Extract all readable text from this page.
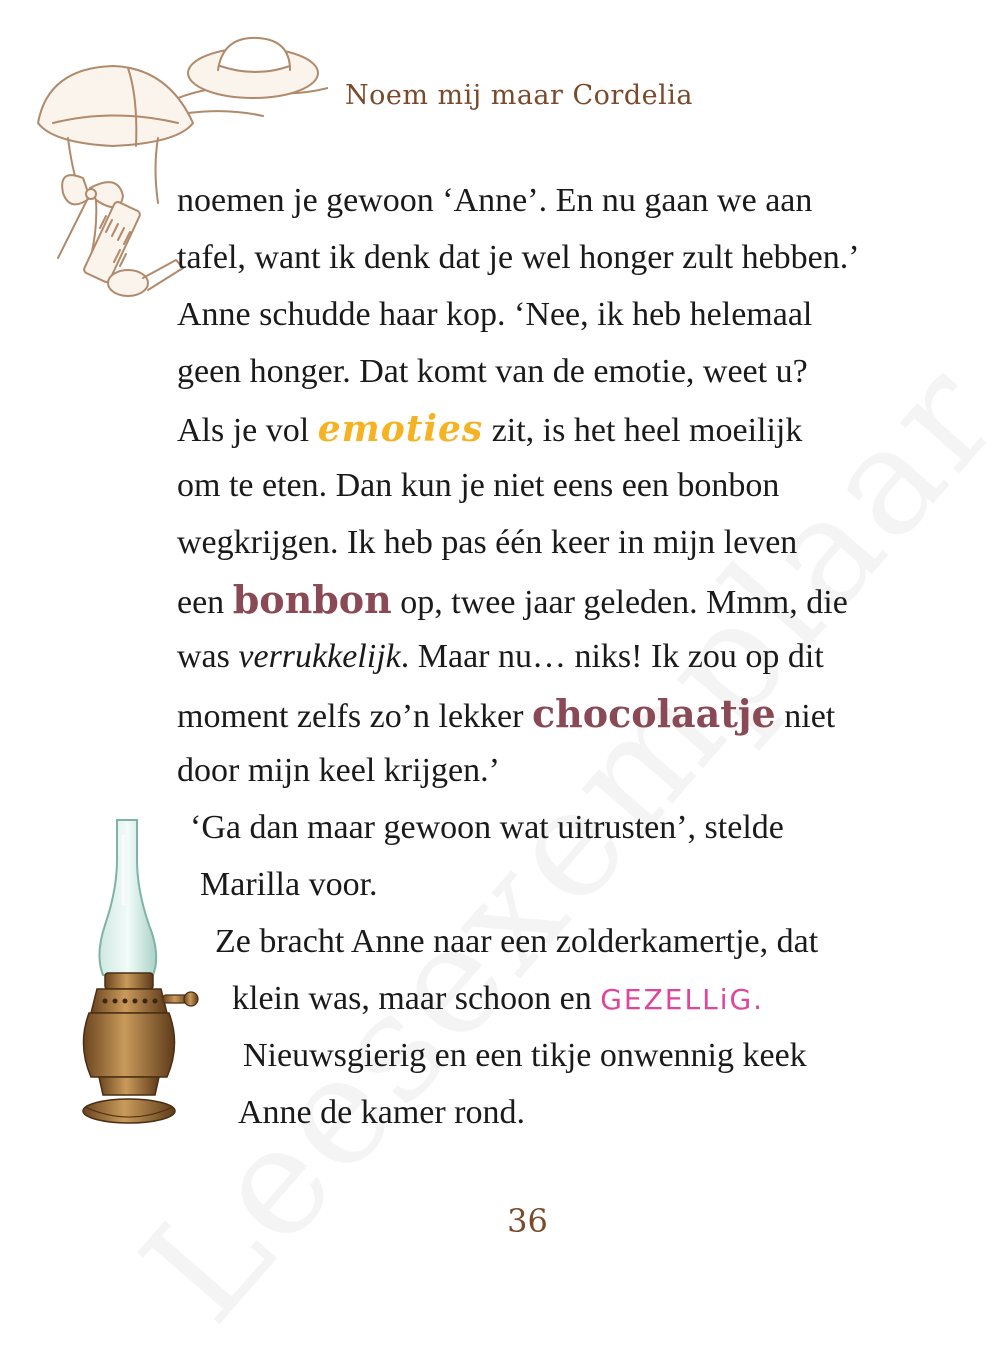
Noem mij maar Cordelia
noemen je gewoon ‘Anne’. En nu gaan we aan
tafel, want ik denk dat je wel honger zult hebben.’
Anne schudde haar kop. ‘Nee, ik heb helemaal
geen honger. Dat komt van de emotie, weet u?
Als je vol emoties zit, is het heel moeilijk
om te eten. Dan kun je niet eens een bonbon
wegkrijgen. Ik heb pas één keer in mijn leven
een bonbon op, twee jaar geleden. Mmm, die
was verrukkelijk. Maar nu… niks! Ik zou op dit
moment zelfs zo’n lekker chocolaatje niet
door mijn keel krijgen.’
‘Ga dan maar gewoon wat uitrusten’, stelde
Marilla voor.
Ze bracht Anne naar een zolderkamertje, dat
klein was, maar schoon en GEZELLiG.
Nieuwsgierig en een tikje onwennig keek
Anne de kamer rond.
36
